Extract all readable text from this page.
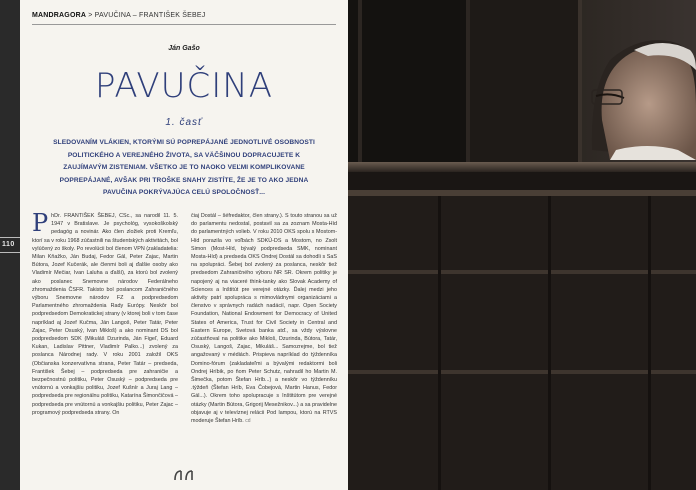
110
MANDRAGORA > PAVUČINA – FRANTIŠEK ŠEBEJ
Ján Gašo
PAVUČINA
1. časť
SLEDOVANÍM VLÁKIEN, KTORÝMI SÚ POPREPÁJANÉ JEDNOTLIVÉ OSOBNOSTI POLITICKÉHO A VEREJNÉHO ŽIVOTA, SA VÄČŠINOU DOPRACUJETE K ZAUJÍMAVÝM ZISTENIAM. VŠETKO JE TO NAOKO VEĽMI KOMPLIKOVANE POPREPÁJANÉ, AVŠAK PRI TROŠKE SNAHY ZISTÍTE, ŽE JE TO AKO JEDNA PAVUČINA POKRÝVAJÚCA CELÚ SPOLOČNOSŤ...
PhDr. FRANTIŠEK ŠEBEJ, CSc., sa narodil 11. 5. 1947 v Bratislave. Je psychológ, vysokoškolský pedagóg a novinár. Ako člen zložiek proti Kremľu, ktorí sa v roku 1968 zúčastnili na študentských aktivitách, bol vylúčený zo školy. Po revolúcii bol členom VPN (zakladatelia: Milan Kňažko, Ján Budaj, Fedor Gál, Peter Zajac, Martin Bútora, Jozef Kučerák, ale členmi boli aj ďalšie osoby ako Vladimír Mečiar, Ivan Laluha a ďalší), za ktorú bol zvolený ako poslanec Snemovne národov Federálneho zhromaždenia ČSFR. Takisto bol poslancom Zahraničného výboru Snemovne národov FZ a podpredsedom Parlamentného zhromaždenia Rady Európy. Neskôr bol podpredsedom Demokratickej strany (v ktorej boli v tom čase napríklad aj Jozef Kučma, Ján Langoš, Peter Tatár, Peter Zajac, Peter Osuský, Ivan Mikloš) a ako nominant DS bol podpredsedom SDK (Mikuláš Dzurinda, Ján Figeľ, Eduard Kukan, Ladislav Pittner, Vladimír Palko...) zvolený za poslanca Národnej rady. V roku 2001 založil OKS (Občianska konzervatívna strana, Peter Tatár – predseda, František Šebej – podpredseda pre zahraničie a bezpečnostnú politiku, Peter Osuský – podpredseda pre vnútornú a vonkajšiu politiku, Jozef Kušnír a Juraj Lang – podpredseda pre regionálnu politiku, Katarína Šimončičová – podpredseda pre vnútornú a vonkajšiu politiku, Peter Zajac – programový podpredseda strany. On
čiaj Dostál – šéfredaktor, člen strany.). S touto stranou sa už do parlamentu nedostal, postavil sa za zoznam Mosta-Híd do parlamentných volieb. V roku 2010 OKS spolu s Mostom-Híd porazila vo voľbách SDKÚ-DS a Mostom, no Zsolt Simon (Most-Híd, bývalý podpredseda SMK, nominant Mosta-Híd) a predseda OKS Ondrej Dostál sa dohodli s SaS na spolupráci. Šebej bol zvolený za poslanca, neskôr tiež predsedom Zahraničného výboru NR SR. Okrem politiky je napojený aj na viaceré think-tanky ako Slovak Academy of Sciences a Inštitút pre verejné otázky. Ďalej medzi jeho aktivity patrí spolupráca s mimovládnymi organizáciami a členstvo v správnych radách nadácií, napr. Open Society Foundation, National Endowment for Democracy of United States of America, Trust for Civil Society in Central and Eastern Europe, Svetová banka atď., sa vždy výslovne zúčastňoval na politike ako Mikloš, Dzurinda, Bútora, Tatár, Osuský, Langoš, Zajac, Mikuláš... Samozrejme, bol tiež angažovaný v médiách. Prispieva napríklad do týždenníka Domino-fórum (zakladateľmi a bývalými redaktormi boli Ondrej Hríbik, po ňom Peter Schutz, nahradil ho Martin M. Šimečka, potom Štefan Hríb...) a neskôr vo týždenníku .týždeň (Štefan Hríb, Eva Čobejová, Martin Hanus, Fedor Gál...). Okrem toho spolupracuje s Inštitútom pre verejné otázky (Martin Bútora, Grigorij Mesežnikov...) a sa pravidelne objavuje aj v televíznej relácii Pod lampou, ktorú na RTVS moderuje Štefan Hríb. cd
